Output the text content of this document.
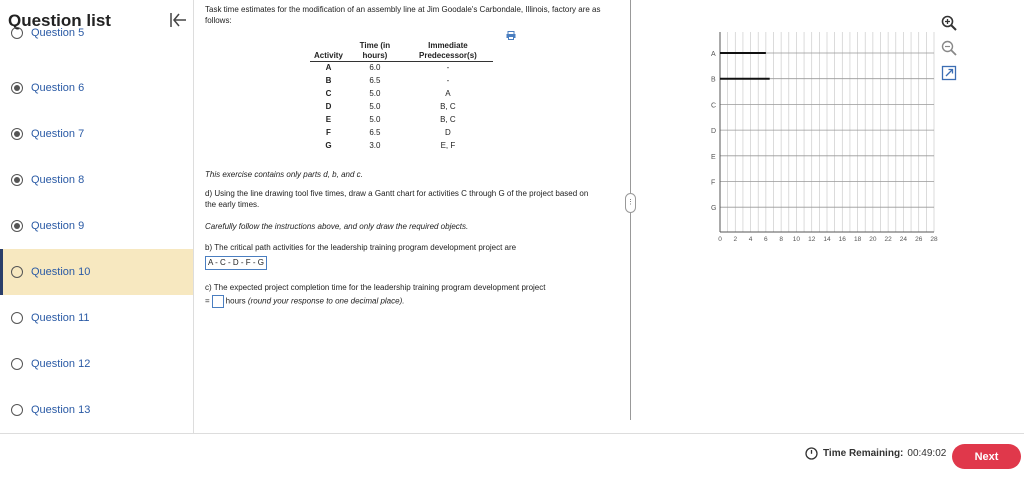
Question list
Question 5
Question 6
Question 7
Question 8
Question 9
Question 10
Question 11
Question 12
Question 13
Task time estimates for the modification of an assembly line at Jim Goodale's Carbondale, Illinois, factory are as follows:
Activity	Time (in hours)	Immediate Predecessor(s)
A	6.0	-
B	6.5	-
C	5.0	A
D	5.0	B, C
E	5.0	B, C
F	6.5	D
G	3.0	E, F
This exercise contains only parts d, b, and c.
d) Using the line drawing tool five times, draw a Gantt chart for activities C through G of the project based on the early times.
Carefully follow the instructions above, and only draw the required objects.
b) The critical path activities for the leadership training program development project are
A - C - D - F - G
c) The expected project completion time for the leadership training program development project
= hours (round your response to one decimal place).
⋮
A
B
C
D
E
F
G
0 2 4 6 8 10 12 14 16 18 20 22 24 26 28
Time Remaining: 00:49:02	Next
